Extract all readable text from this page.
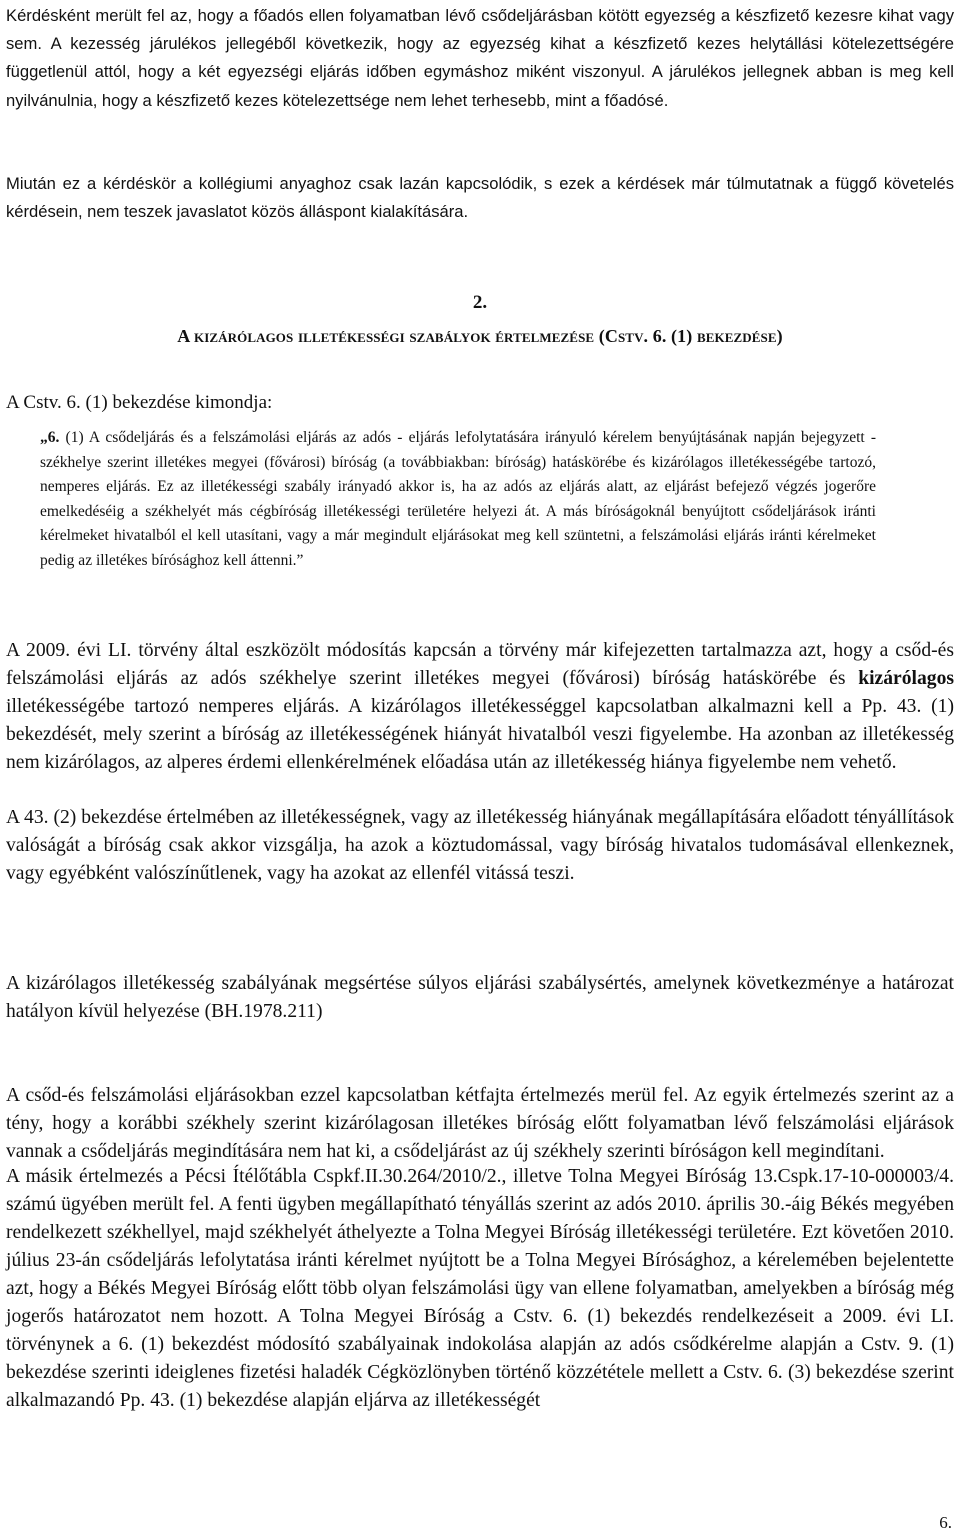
Kérdésként merült fel az, hogy a főadós ellen folyamatban lévő csődeljárásban kötött egyezség a készfizető kezesre kihat vagy sem. A kezesség járulékos jellegéből következik, hogy az egyezség kihat a készfizető kezes helytállási kötelezettségére függetlenül attól, hogy a két egyezségi eljárás időben egymáshoz miként viszonyul. A járulékos jellegnek abban is meg kell nyilvánulnia, hogy a készfizető kezes kötelezettsége nem lehet terhesebb, mint a főadósé.

Miután ez a kérdéskör a kollégiumi anyaghoz csak lazán kapcsolódik, s ezek a kérdések már túlmutatnak a függő követelés kérdésein, nem teszek javaslatot közös álláspont kialakítására.

2.
A kizárólagos illetékességi szabályok értelmezése (Cstv. 6. (1) bekezdése)
A Cstv. 6. (1) bekezdése kimondja:

„6. (1) A csődeljárás és a felszámolási eljárás az adós - eljárás lefolytatására irányuló kérelem benyújtásának napján bejegyzett - székhelye szerint illetékes megyei (fővárosi) bíróság (a továbbiakban: bíróság) hatáskörébe és kizárólagos illetékességébe tartozó, nemperes eljárás. Ez az illetékességi szabály irányadó akkor is, ha az adós az eljárás alatt, az eljárást befejező végzés jogerőre emelkedéséig a székhelyét más cégbíróság illetékességi területére helyezi át. A más bíróságoknál benyújtott csődeljárások iránti kérelmeket hivatalból el kell utasítani, vagy a már megindult eljárásokat meg kell szüntetni, a felszámolási eljárás iránti kérelmeket pedig az illetékes bírósághoz kell áttenni.”

A 2009. évi LI. törvény által eszközölt módosítás kapcsán a törvény már kifejezetten tartalmazza azt, hogy a csőd-és felszámolási eljárás az adós székhelye szerint illetékes megyei (fővárosi) bíróság hatáskörébe és kizárólagos illetékességébe tartozó nemperes eljárás. A kizárólagos illetékességgel kapcsolatban alkalmazni kell a Pp. 43. (1) bekezdését, mely szerint a bíróság az illetékességének hiányát hivatalból veszi figyelembe. Ha azonban az illetékesség nem kizárólagos, az alperes érdemi ellenkérelmének előadása után az illetékesség hiánya figyelembe nem vehető.

A 43. (2) bekezdése értelmében az illetékességnek, vagy az illetékesség hiányának megállapítására előadott tényállítások valóságát a bíróság csak akkor vizsgálja, ha azok a köztudomással, vagy bíróság hivatalos tudomásával ellenkeznek, vagy egyébként valószínűtlenek, vagy ha azokat az ellenfél vitássá teszi.

A kizárólagos illetékesség szabályának megsértése súlyos eljárási szabálysértés, amelynek következménye a határozat hatályon kívül helyezése (BH.1978.211)

A csőd-és felszámolási eljárásokban ezzel kapcsolatban kétfajta értelmezés merül fel. Az egyik értelmezés szerint az a tény, hogy a korábbi székhely szerint kizárólagosan illetékes bíróság előtt folyamatban lévő felszámolási eljárások vannak a csődeljárás megindítására nem hat ki, a csődeljárást az új székhely szerinti bíróságon kell megindítani.

A másik értelmezés a Pécsi Ítélőtábla Cspkf.II.30.264/2010/2., illetve Tolna Megyei Bíróság 13.Cspk.17-10-000003/4. számú ügyében merült fel. A fenti ügyben megállapítható tényállás szerint az adós 2010. április 30.-áig Békés megyében rendelkezett székhellyel, majd székhelyét áthelyezte a Tolna Megyei Bíróság illetékességi területére. Ezt követően 2010. július 23-án csődeljárás lefolytatása iránti kérelmet nyújtott be a Tolna Megyei Bírósághoz, a kérelemében bejelentette azt, hogy a Békés Megyei Bíróság előtt több olyan felszámolási ügy van ellene folyamatban, amelyekben a bíróság még jogerős határozatot nem hozott. A Tolna Megyei Bíróság a Cstv. 6. (1) bekezdés rendelkezéseit a 2009. évi LI. törvénynek a 6. (1) bekezdést módosító szabályainak indokolása alapján az adós csődkérelme alapján a Cstv. 9. (1) bekezdése szerinti ideiglenes fizetési haladék Cégközlönyben történő közzététele mellett a Cstv. 6. (3) bekezdése szerint alkalmazandó Pp. 43. (1) bekezdése alapján eljárva az illetékességét

6.
